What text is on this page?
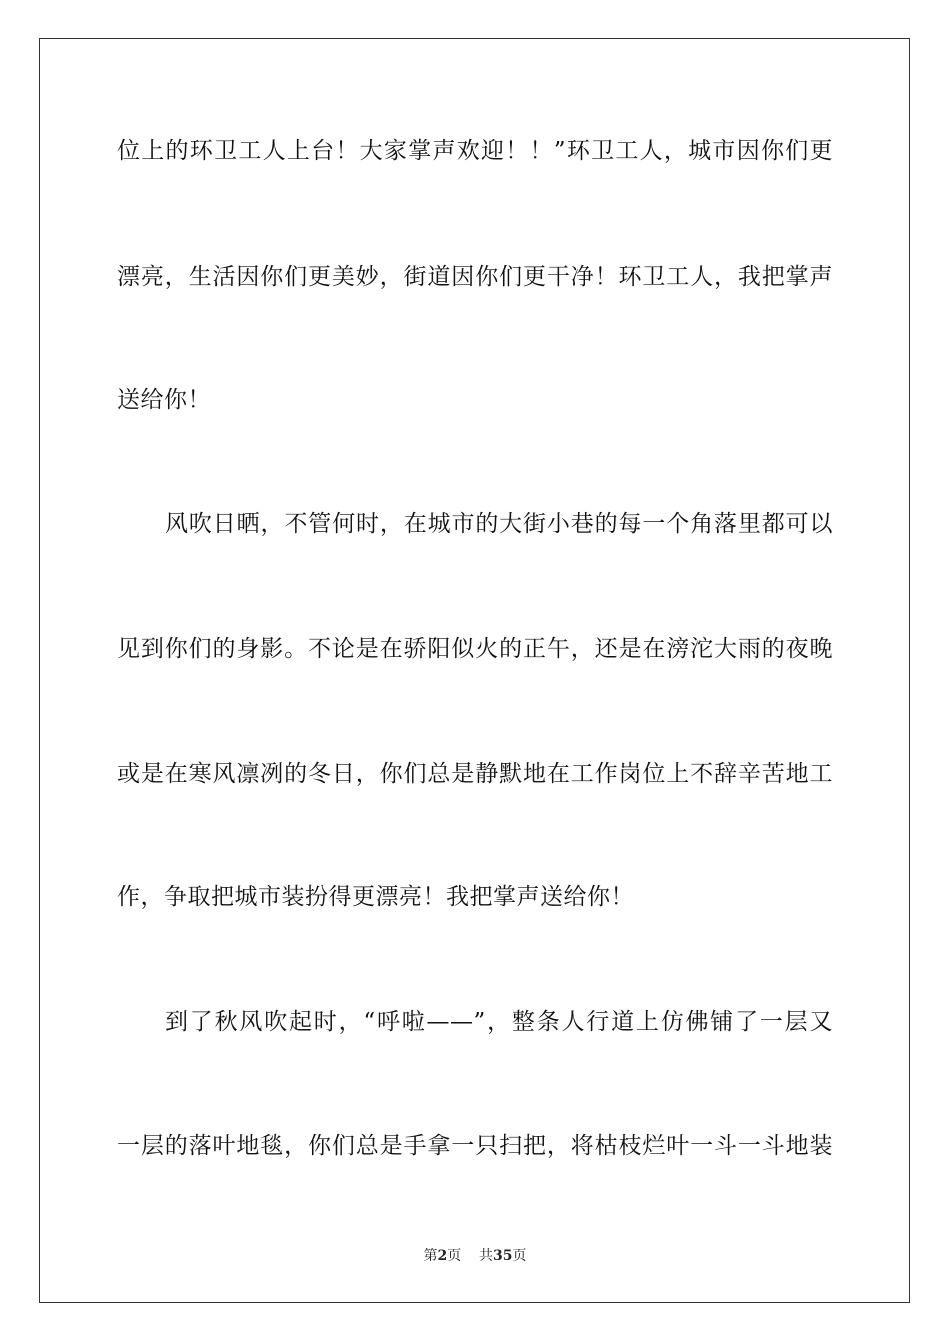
位上的环卫工人上台！大家掌声欢迎！！”环卫工人，城市因你们更
漂亮，生活因你们更美妙，街道因你们更干净！环卫工人，我把掌声
送给你！
风吹日晒，不管何时，在城市的大街小巷的每一个角落里都可以
见到你们的身影。不论是在骄阳似火的正午，还是在滂沱大雨的夜晚
或是在寒风凛冽的冬日，你们总是静默地在工作岗位上不辞辛苦地工
作，争取把城市装扮得更漂亮！我把掌声送给你！
到了秋风吹起时，“呼啦——”，整条人行道上仿佛铺了一层又
一层的落叶地毯，你们总是手拿一只扫把，将枯枝烂叶一斗一斗地装
第2页 共35页
